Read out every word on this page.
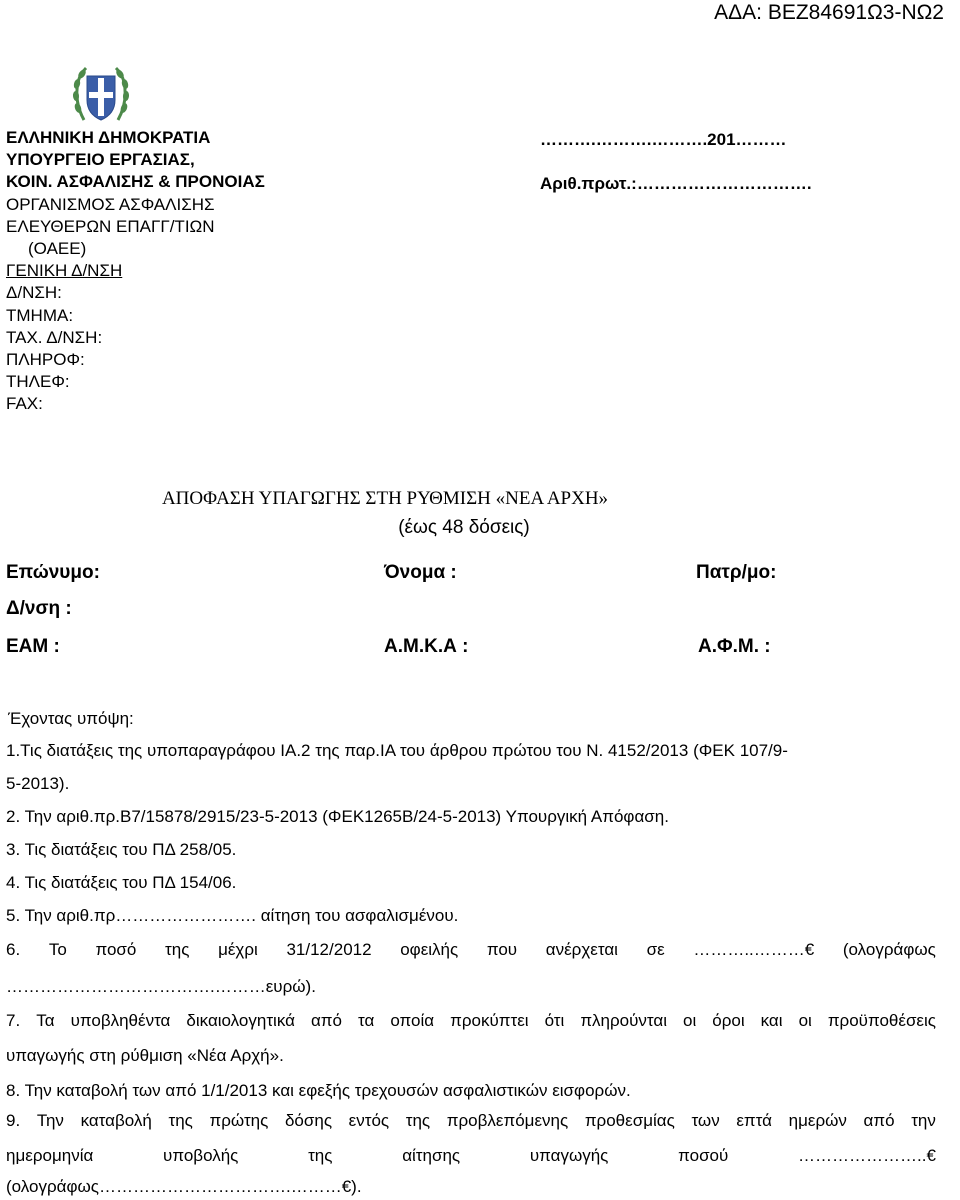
ΑΔΑ: ΒΕΖ84691Ω3-ΝΩ2
ΕΛΛΗΝΙΚΗ ΔΗΜΟΚΡΑΤΙΑ
ΥΠΟΥΡΓΕΙΟ ΕΡΓΑΣΙΑΣ,
ΚΟΙΝ. ΑΣΦΑΛΙΣΗΣ & ΠΡΟΝΟΙΑΣ
ΟΡΓΑΝΙΣΜΟΣ ΑΣΦΑΛΙΣΗΣ
ΕΛΕΥΘΕΡΩΝ ΕΠΑΓΓ/ΤΙΩΝ
(ΟΑΕΕ)
ΓΕΝΙΚΗ Δ/ΝΣΗ
Δ/ΝΣΗ:
ΤΜΗΜΑ:
ΤΑΧ. Δ/ΝΣΗ:
ΠΛΗΡΟΦ:
ΤΗΛΕΦ:
FAX:
……….……….……….201………
Αριθ.πρωτ.:………………………….
ΑΠΟΦΑΣΗ ΥΠΑΓΩΓΗΣ ΣΤΗ ΡΥΘΜΙΣΗ «ΝΕΑ ΑΡΧΗ»
(έως 48 δόσεις)
Επώνυμο:	Όνομα :	Πατρ/μο:
Δ/νση :
ΕΑΜ :	Α.Μ.Κ.Α :	Α.Φ.Μ. :
Έχοντας υπόψη:
1.Τις διατάξεις της υποπαραγράφου ΙΑ.2 της παρ.ΙΑ του άρθρου πρώτου του Ν. 4152/2013 (ΦΕΚ 107/9-
5-2013).
2. Την αριθ.πρ.Β7/15878/2915/23-5-2013 (ΦΕΚ1265Β/24-5-2013) Υπουργική Απόφαση.
3. Τις διατάξεις του ΠΔ 258/05.
4. Τις διατάξεις του ΠΔ 154/06.
5. Την αριθ.πρ……………………. αίτηση του ασφαλισμένου.
6. Το ποσό της μέχρι 31/12/2012 οφειλής που ανέρχεται σε ………..………€ (ολογράφως
……………………………….………ευρώ).
7. Τα υποβληθέντα δικαιολογητικά από τα οποία προκύπτει ότι πληρούνται οι όροι και οι προϋποθέσεις
υπαγωγής στη ρύθμιση «Νέα Αρχή».
8. Την καταβολή των από 1/1/2013 και εφεξής τρεχουσών ασφαλιστικών εισφορών.
9. Την καταβολή της πρώτης δόσης εντός της προβλεπόμενης προθεσμίας των επτά ημερών από την
ημερομηνία	υποβολής	της	αίτησης	υπαγωγής	ποσού	…………………..€
(ολογράφως…………………………….………€).
